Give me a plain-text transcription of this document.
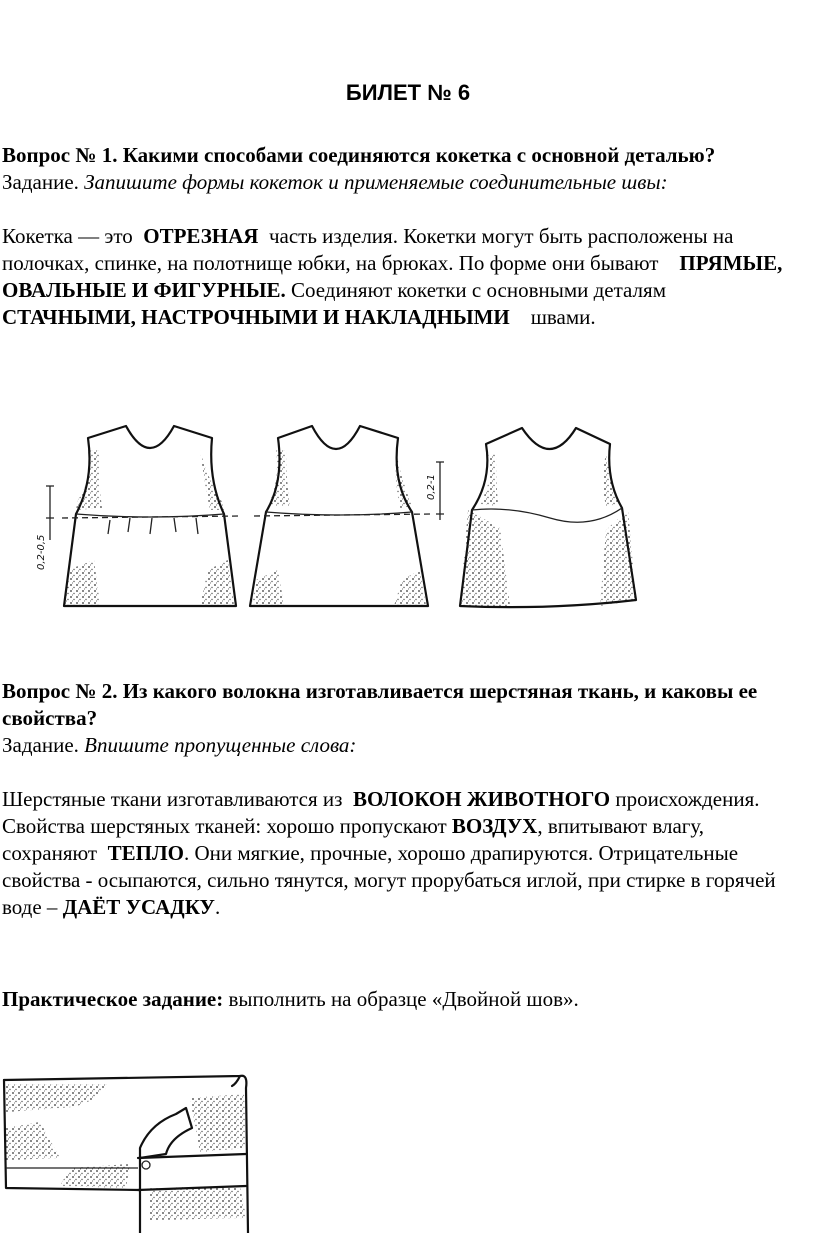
БИЛЕТ № 6

Вопрос № 1. Какими способами соединяются кокетка с основной деталью?

Задание. Запишите формы кокеток и применяемые соединительные швы:

Кокетка — это ОТРЕЗНАЯ часть изделия. Кокетки могут быть расположены на полочках, спинке, на полотнище юбки, на брюках. По форме они бывают ПРЯМЫЕ, ОВАЛЬНЫЕ И ФИГУРНЫЕ. Соединяют кокетки с основными деталям  СТАЧНЫМИ, НАСТРОЧНЫМИ И НАКЛАДНЫМИ швами.

0,2-0,5
0,2-1

Вопрос № 2. Из какого волокна изготавливается шерстяная ткань, и каковы ее свойства?

Задание. Впишите пропущенные слова:

Шерстяные ткани изготавливаются из ВОЛОКОН ЖИВОТНОГО происхождения. Свойства шерстяных тканей: хорошо пропускают ВОЗДУХ, впитывают влагу, сохраняют ТЕПЛО. Они мягкие, прочные, хорошо драпируются. Отрицательные свойства - осыпаются, сильно тянутся, могут прорубаться иглой, при стирке в горячей воде – ДАЁТ УСАДКУ.

Практическое задание: выполнить на образце «Двойной шов».
